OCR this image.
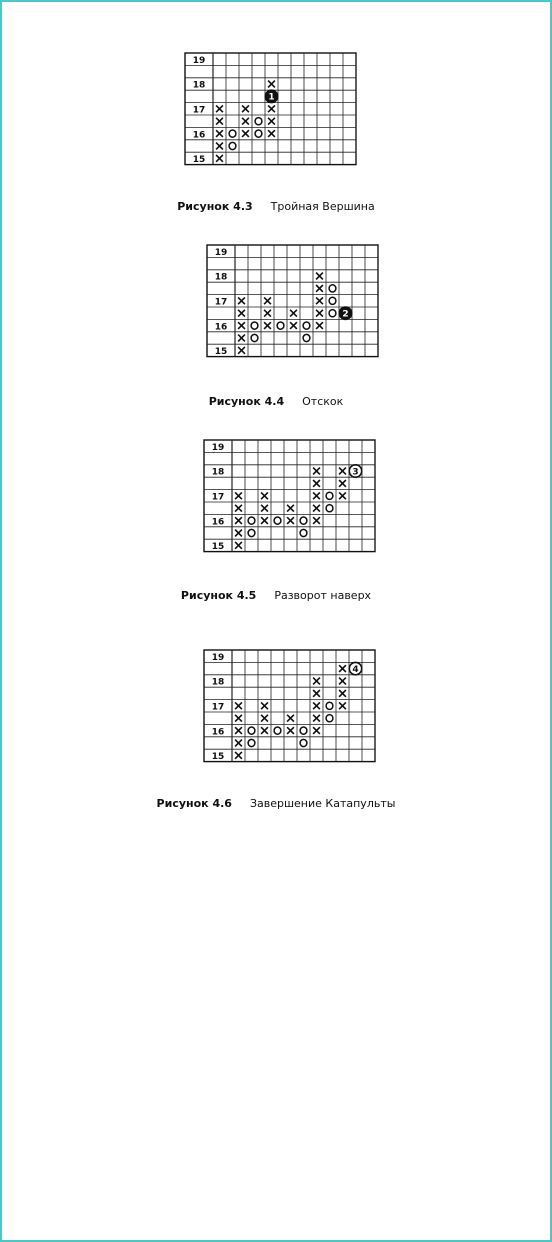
19
18
17
16
15
1
Рисунок 4.3 Тройная Вершина
19
18
17
16
15
2
Рисунок 4.4 Отскок
19
18
17
16
15
3
Рисунок 4.5 Разворот наверх
19
18
17
16
15
4
Рисунок 4.6 Завершение Катапульты
